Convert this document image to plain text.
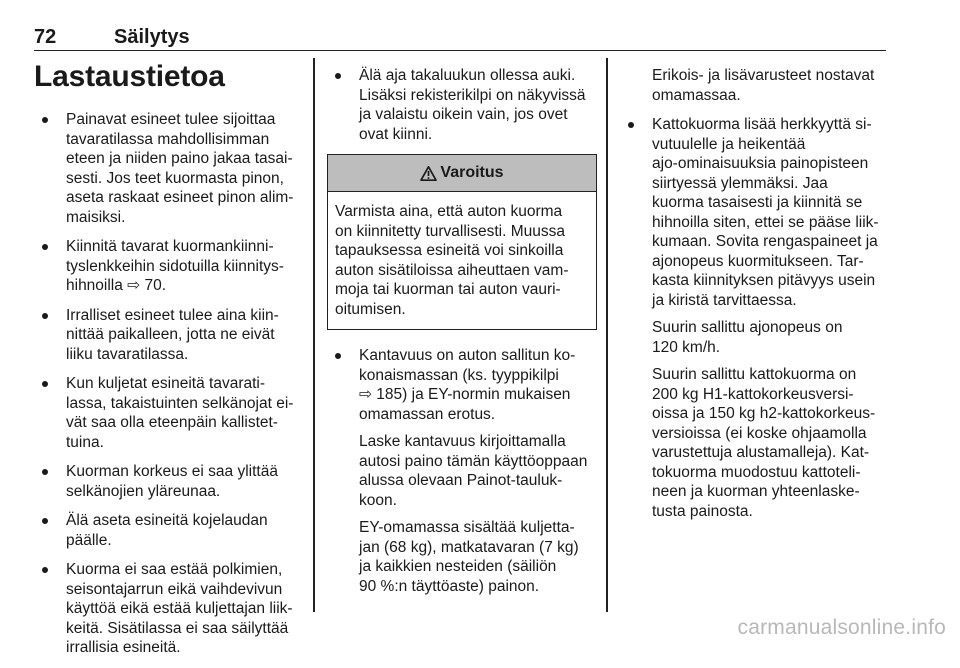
72	Säilytys
Lastaustietoa
Painavat esineet tulee sijoittaa
tavaratilassa mahdollisimman
eteen ja niiden paino jakaa tasai-
sesti. Jos teet kuormasta pinon,
aseta raskaat esineet pinon alim-
maisiksi.
Kiinnitä tavarat kuormankiinni-
tyslenkkeihin sidotuilla kiinnitys-
hihnoilla ⇨ 70.
Irralliset esineet tulee aina kiin-
nittää paikalleen, jotta ne eivät
liiku tavaratilassa.
Kun kuljetat esineitä tavarati-
lassa, takaistuinten selkänojat ei-
vät saa olla eteenpäin kallistet-
tuina.
Kuorman korkeus ei saa ylittää
selkänojien yläreunaa.
Älä aseta esineitä kojelaudan
päälle.
Kuorma ei saa estää polkimien,
seisontajarrun eikä vaihdevivun
käyttöä eikä estää kuljettajan liik-
keitä. Sisätilassa ei saa säilyttää
irrallisia esineitä.
Älä aja takaluukun ollessa auki.
Lisäksi rekisterikilpi on näkyvissä
ja valaistu oikein vain, jos ovet
ovat kiinni.
Varoitus
Varmista aina, että auton kuorma
on kiinnitetty turvallisesti. Muussa
tapauksessa esineitä voi sinkoilla
auton sisätiloissa aiheuttaen vam-
moja tai kuorman tai auton vauri-
oitumisen.
Kantavuus on auton sallitun ko-
konaismassan (ks. tyyppikilpi
⇨ 185) ja EY-normin mukaisen
omamassan erotus.

Laske kantavuus kirjoittamalla
autosi paino tämän käyttöoppaan
alussa olevaan Painot-tauluk-
koon.

EY-omamassa sisältää kuljetta-
jan (68 kg), matkatavaran (7 kg)
ja kaikkien nesteiden (säiliön
90 %:n täyttöaste) painon.

Erikois- ja lisävarusteet nostavat
omamassaa.

Kattokuorma lisää herkkyyttä si-
vutuulelle ja heikentää
ajo-ominaisuuksia painopisteen
siirtyessä ylemmäksi. Jaa
kuorma tasaisesti ja kiinnitä se
hihnoilla siten, ettei se pääse liik-
kumaan. Sovita rengaspaineet ja
ajonopeus kuormitukseen. Tar-
kasta kiinnityksen pitävyys usein
ja kiristä tarvittaessa.

Suurin sallittu ajonopeus on
120 km/h.

Suurin sallittu kattokuorma on
200 kg H1-kattokorkeusversi-
oissa ja 150 kg h2-kattokorkeus-
versioissa (ei koske ohjaamolla
varustettuja alustamalleja). Kat-
tokuorma muodostuu kattoteli-
neen ja kuorman yhteenlaske-
tusta painosta.

carmanualsonline.info
